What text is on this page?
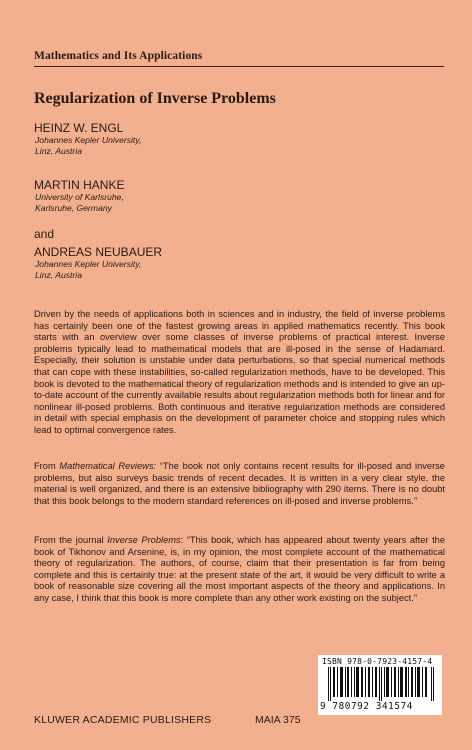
Mathematics and Its Applications
Regularization of Inverse Problems
HEINZ W. ENGL
Johannes Kepler University,
Linz, Austria
MARTIN HANKE
University of Karlsruhe,
Karlsruhe, Germany
and
ANDREAS NEUBAUER
Johannes Kepler University,
Linz, Austria

Driven by the needs of applications both in sciences and in industry, the field of inverse problems has certainly been one of the fastest growing areas in applied mathematics recently. This book starts with an overview over some classes of inverse problems of practical interest. Inverse problems typically lead to mathematical models that are ill-posed in the sense of Hadamard. Especially, their solution is unstable under data perturbations, so that special numerical methods that can cope with these instabilities, so-called regularization methods, have to be developed. This book is devoted to the mathematical theory of regularization methods and is intended to give an up-to-date account of the currently available results about regularization methods both for linear and for nonlinear ill-posed problems. Both continuous and iterative regularization methods are considered in detail with special emphasis on the development of parameter choice and stopping rules which lead to optimal convergence rates.

From Mathematical Reviews: “The book not only contains recent results for ill-posed and inverse problems, but also surveys basic trends of recent decades. It is written in a very clear style, the material is well organized, and there is an extensive bibliography with 290 items. There is no doubt that this book belongs to the modern standard references on ill-posed and inverse problems.”

From the journal Inverse Problems: “This book, which has appeared about twenty years after the book of Tikhonov and Arsenine, is, in my opinion, the most complete account of the mathematical theory of regularization. The authors, of course, claim that their presentation is far from being complete and this is certainly true: at the present state of the art, it would be very difficult to write a book of reasonable size covering all the most important aspects of the theory and applications. In any case, I think that this book is more complete than any other work existing on the subject.”

ISBN 978-0-7923-4157-4
9 780792 341574
KLUWER ACADEMIC PUBLISHERS	MAIA 375
